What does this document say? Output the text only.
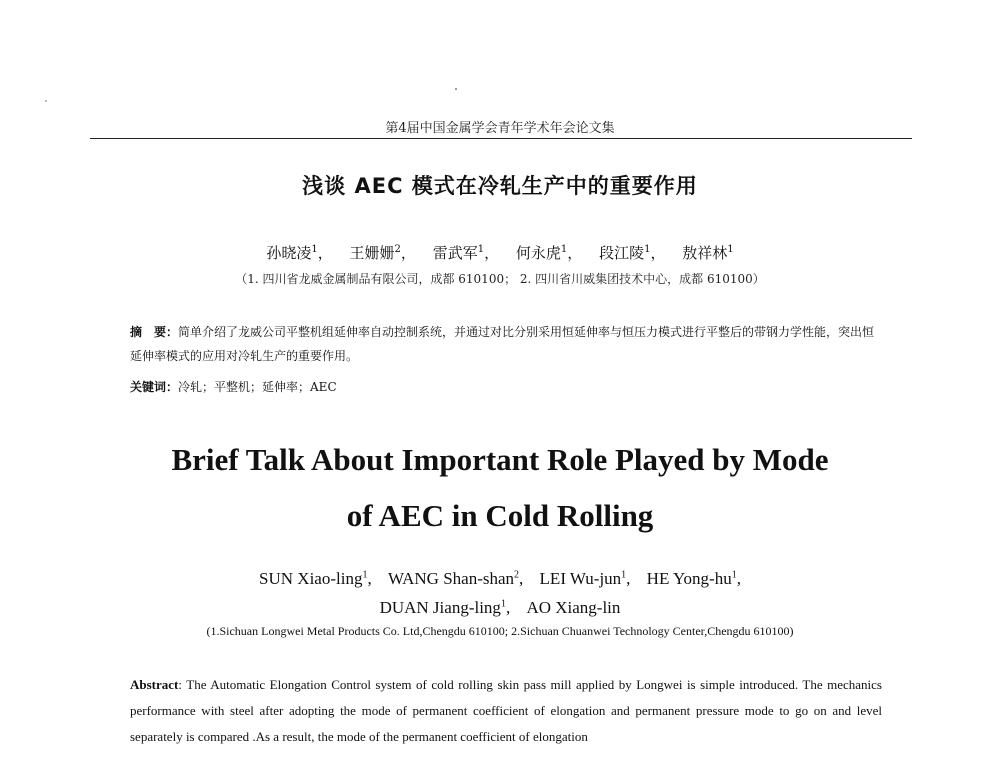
第4届中国金属学会青年学术年会论文集
浅谈 AEC 模式在冷轧生产中的重要作用
孙晓凌$^1$， 王姗姗$^2$， 雷武军$^1$， 何永虎$^1$， 段江陵$^1$， 敖祥林$^1$
（1. 四川省龙威金属制品有限公司，成都 610100； 2. 四川省川威集团技术中心，成都 610100）
摘　要：简单介绍了龙威公司平整机组延伸率自动控制系统，并通过对比分别采用恒延伸率与恒压力模式进行平整后的带钢力学性能，突出恒延伸率模式的应用对冷轧生产的重要作用。
关键词：冷轧；平整机；延伸率；AEC
Brief Talk About Important Role Played by Mode
of AEC in Cold Rolling
SUN Xiao-ling$^1$, WANG Shan-shan$^2$, LEI Wu-jun$^1$, HE Yong-$hu^1$,
DUAN Jiang-ling$^1$, AO Xiang-lin
(1.Sichuan Longwei Metal Products Co. Ltd,Chengdu 610100; 2.Sichuan Chuanwei Technology Center,Chengdu 610100)
Abstract: The Automatic Elongation Control system of cold rolling skin pass mill applied by Longwei is simple introduced. The mechanics performance with steel after adopting the mode of permanent coefficient of elongation and permanent pressure mode to go on and level separately is compared .As a result, the mode of the permanent coefficient of elongation
